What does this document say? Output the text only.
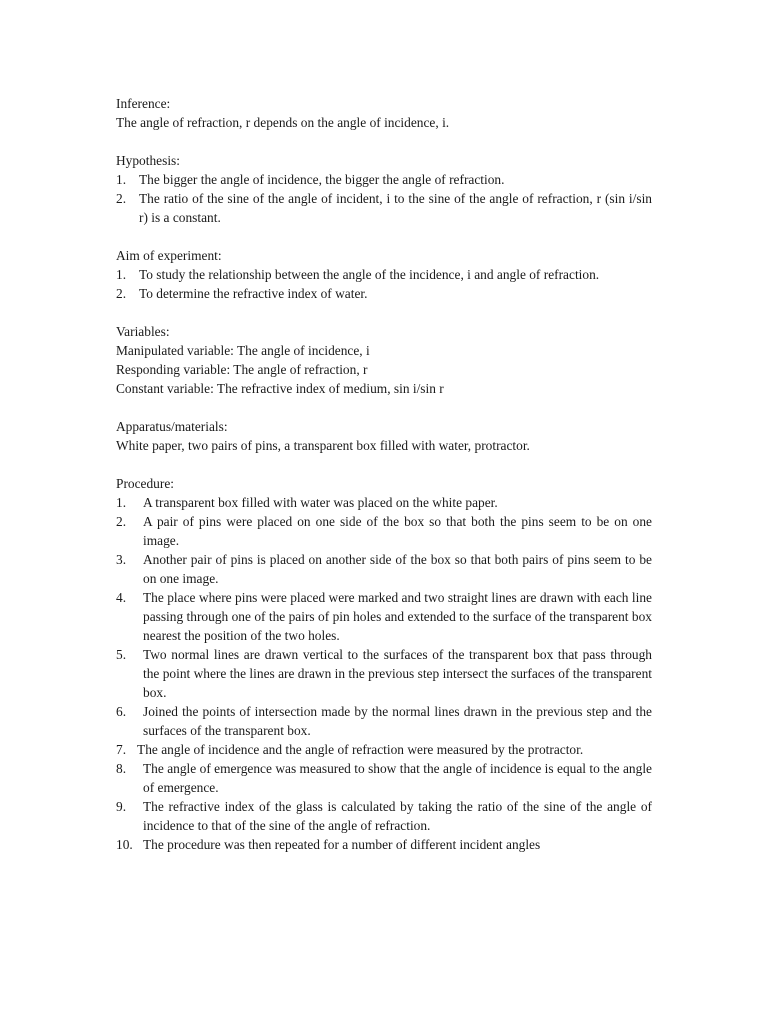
Inference:

The angle of refraction, r depends on the angle of incidence, i.

Hypothesis:

1. The bigger the angle of incidence, the bigger the angle of refraction.
2. The ratio of the sine of the angle of incident, i to the sine of the angle of refraction, r (sin i/sin r) is a constant.

Aim of experiment:

1. To study the relationship between the angle of the incidence, i and angle of refraction.
2. To determine the refractive index of water.

Variables:

Manipulated variable: The angle of incidence, i

Responding variable: The angle of refraction, r

Constant variable: The refractive index of medium, sin i/sin r

Apparatus/materials:

White paper, two pairs of pins, a transparent box filled with water, protractor.

Procedure:

1. A transparent box filled with water was placed on the white paper.
2. A pair of pins were placed on one side of the box so that both the pins seem to be on one image.
3. Another pair of pins is placed on another side of the box so that both pairs of pins seem to be on one image.
4. The place where pins were placed were marked and two straight lines are drawn with each line passing through one of the pairs of pin holes and extended to the surface of the transparent box nearest the position of the two holes.
5. Two normal lines are drawn vertical to the surfaces of the transparent box that pass through the point where the lines are drawn in the previous step intersect the surfaces of the transparent box.
6. Joined the points of intersection made by the normal lines drawn in the previous step and the surfaces of the transparent box.
7. The angle of incidence and the angle of refraction were measured by the protractor.
8. The angle of emergence was measured to show that the angle of incidence is equal to the angle of emergence.
9. The refractive index of the glass is calculated by taking the ratio of the sine of the angle of incidence to that of the sine of the angle of refraction.
10. The procedure was then repeated for a number of different incident angles
